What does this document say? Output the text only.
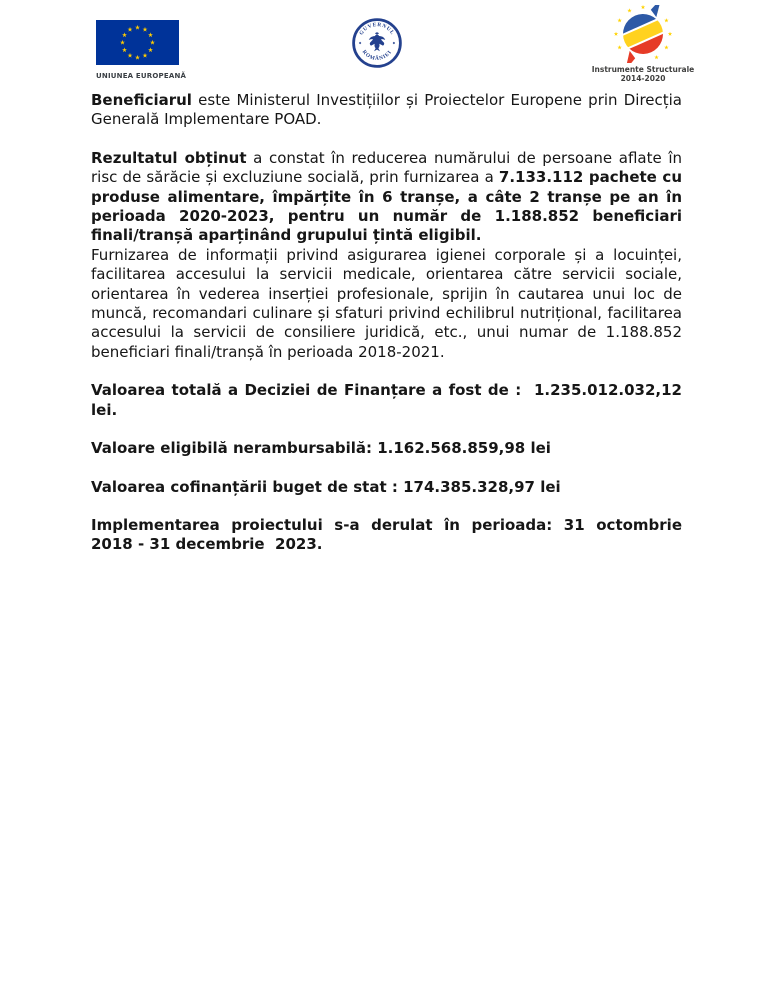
UNIUNEA EUROPEANĂ
GUVERNUL
ROMÂNIEI
Instrumente Structurale
2014-2020

Beneficiarul este Ministerul Investițiilor și Proiectelor Europene prin Direcția Generală Implementare POAD.

Rezultatul obținut a constat în reducerea numărului de persoane aflate în risc de sărăcie și excluziune socială, prin furnizarea a 7.133.112 pachete cu produse alimentare, împărțite în 6 tranșe, a câte 2 tranșe pe an în perioada 2020-2023, pentru un număr de 1.188.852 beneficiari finali/tranșă aparținând grupului țintă eligibil.

Furnizarea de informații privind asigurarea igienei corporale și a locuinței, facilitarea accesului la servicii medicale, orientarea către servicii sociale, orientarea în vederea inserției profesionale, sprijin în cautarea unui loc de muncă, recomandari culinare și sfaturi privind echilibrul nutrițional, facilitarea accesului la servicii de consiliere juridică, etc., unui numar de 1.188.852 beneficiari finali/tranșă în perioada 2018-2021.

Valoarea totală a Deciziei de Finanțare a fost de :  1.235.012.032,12 lei.

Valoare eligibilă nerambursabilă: 1.162.568.859,98 lei

Valoarea cofinanțării buget de stat : 174.385.328,97 lei

Implementarea proiectului s-a derulat în perioada: 31 octombrie 2018 - 31 decembrie  2023.
